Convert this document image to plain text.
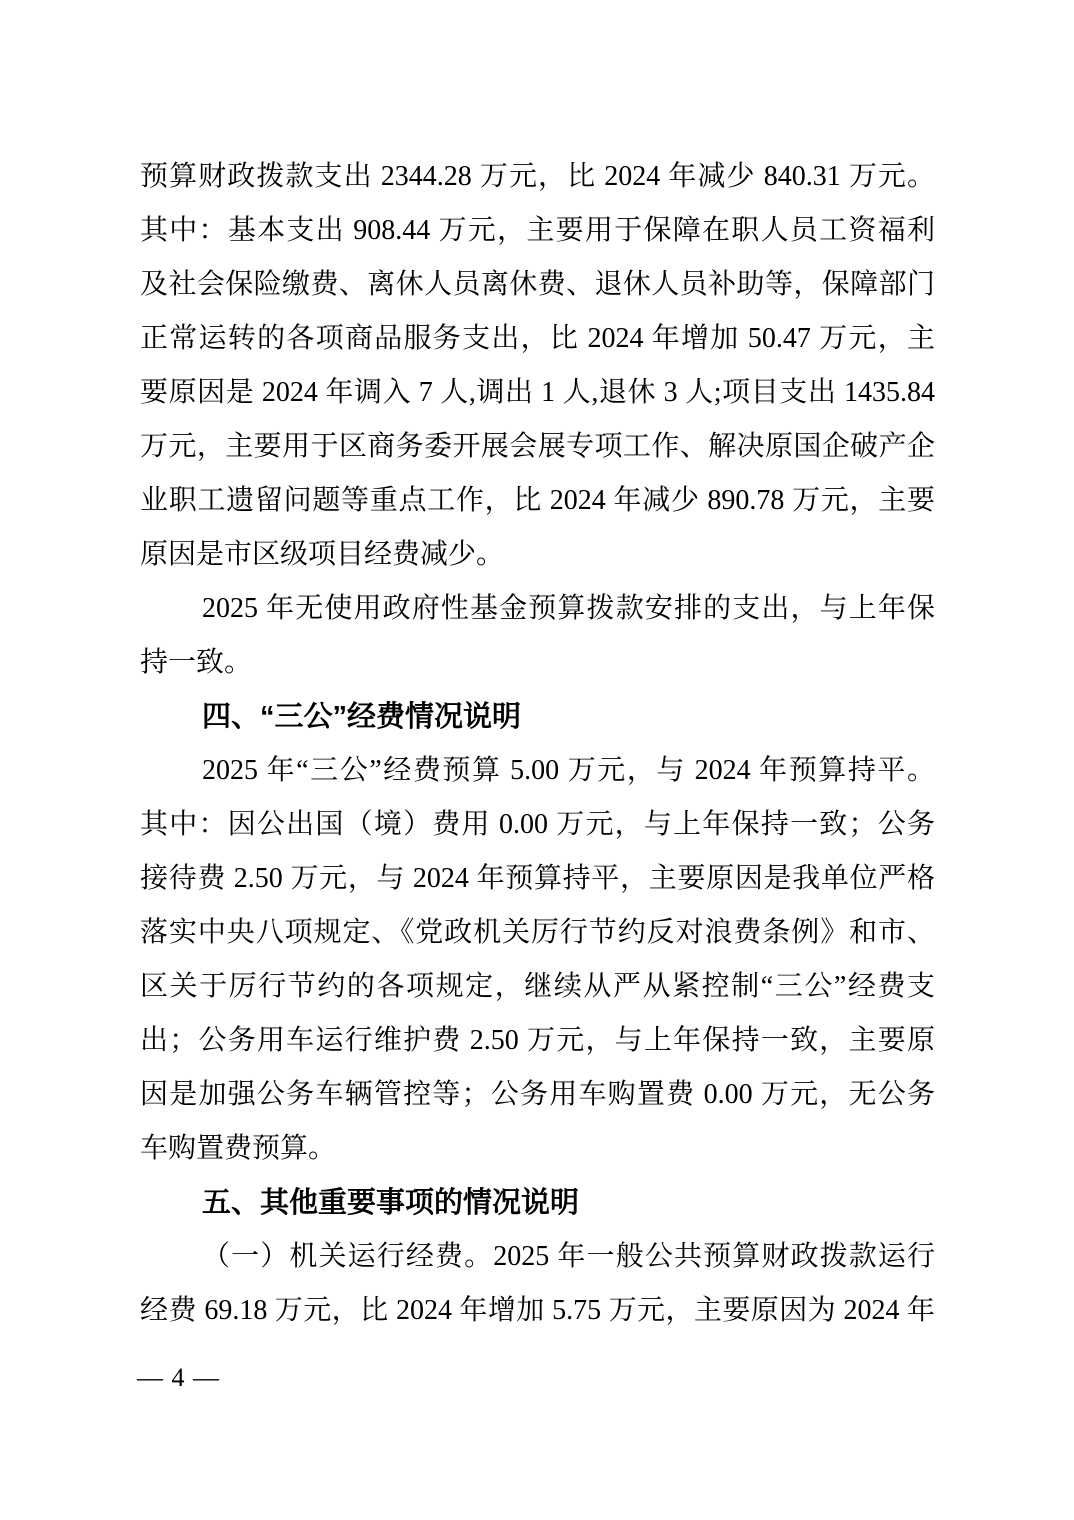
预算财政拨款支出 2344.28 万元，比 2024 年减少 840.31 万元。
其中：基本支出 908.44 万元，主要用于保障在职人员工资福利
及社会保险缴费、离休人员离休费、退休人员补助等，保障部门
正常运转的各项商品服务支出，比 2024 年增加 50.47 万元，主
要原因是 2024 年调入 7 人,调出 1 人,退休 3 人;项目支出 1435.84
万元，主要用于区商务委开展会展专项工作、解决原国企破产企
业职工遗留问题等重点工作，比 2024 年减少 890.78 万元，主要
原因是市区级项目经费减少。
2025 年无使用政府性基金预算拨款安排的支出，与上年保
持一致。
四、“三公”经费情况说明
2025 年“三公”经费预算 5.00 万元，与 2024 年预算持平。
其中：因公出国（境）费用 0.00 万元，与上年保持一致；公务
接待费 2.50 万元，与 2024 年预算持平，主要原因是我单位严格
落实中央八项规定、《党政机关厉行节约反对浪费条例》和市、
区关于厉行节约的各项规定，继续从严从紧控制“三公”经费支
出；公务用车运行维护费 2.50 万元，与上年保持一致，主要原
因是加强公务车辆管控等；公务用车购置费 0.00 万元，无公务
车购置费预算。
五、其他重要事项的情况说明
（一）机关运行经费。2025 年一般公共预算财政拨款运行
经费 69.18 万元，比 2024 年增加 5.75 万元，主要原因为 2024 年
— 4 —
